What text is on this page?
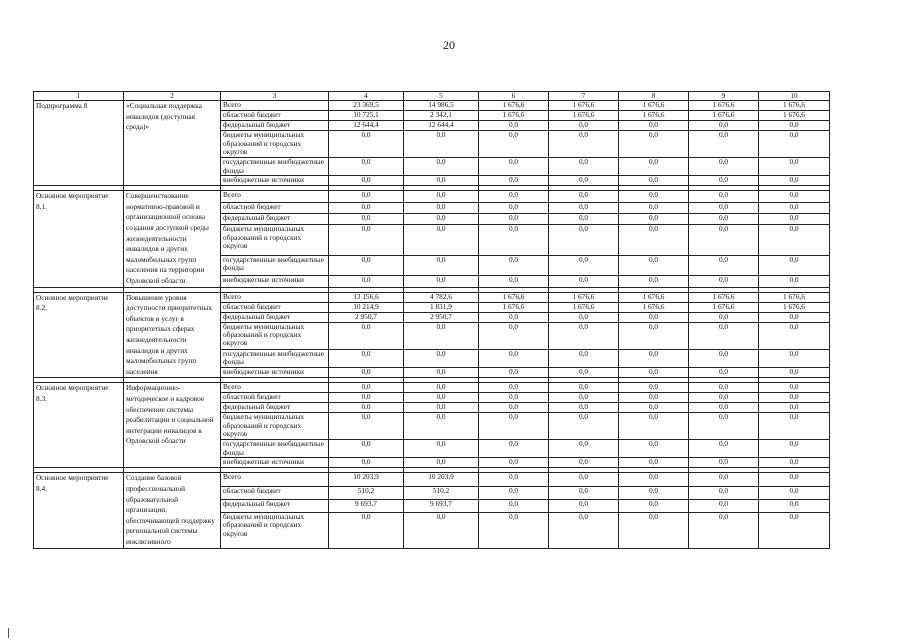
20
1	2	3	4	5	6	7	8	9	10
Подпрограмма 8	«Социальная поддержка инвалидов (доступная среда)»	Всего	23 369,5	14 986,5	1 676,6	1 676,6	1 676,6	1 676,6	1 676,6
		областной бюджет	10 725,1	2 342,1	1 676,6	1 676,6	1 676,6	1 676,6	1 676,6
		федеральный бюджет	12 644,4	12 644,4	0,0	0,0	0,0	0,0	0,0
		бюджеты муниципальных образований и городских округов	0,0	0,0	0,0	0,0	0,0	0,0	0,0
		государственные внебюджетные фонды	0,0	0,0	0,0	0,0	0,0	0,0	0,0
		внебюджетные источники	0,0	0,0	0,0	0,0	0,0	0,0	0,0

Основное мероприятие 8.1.	Совершенствование нормативно-правовой и организационной основы создания доступной среды жизнедеятельности инвалидов и других маломобильных групп населения на территории Орловской области	Всего	0,0	0,0	0,0	0,0	0,0	0,0	0,0
		областной бюджет	0,0	0,0	0,0	0,0	0,0	0,0	0,0
		федеральный бюджет	0,0	0,0	0,0	0,0	0,0	0,0	0,0
		бюджеты муниципальных образований и городских округов	0,0	0,0	0,0	0,0	0,0	0,0	0,0
		государственные внебюджетные фонды	0,0	0,0	0,0	0,0	0,0	0,0	0,0
		внебюджетные источники	0,0	0,0	0,0	0,0	0,0	0,0	0,0

Основное мероприятие 8.2.	Повышение уровня доступности приоритетных объектов и услуг в приоритетных сферах жизнедеятельности инвалидов и других маломобильных групп населения	Всего	13 156,6	4 782,6	1 676,6	1 676,6	1 676,6	1 676,6	1 676,6
		областной бюджет	10 214,9	1 831,9	1 676,6	1 676,6	1 676,6	1 676,6	1 676,6
		федеральный бюджет	2 950,7	2 950,7	0,0	0,0	0,0	0,0	0,0
		бюджеты муниципальных образований и городских округов	0,0	0,0	0,0	0,0	0,0	0,0	0,0
		государственные внебюджетные фонды	0,0	0,0	0,0	0,0	0,0	0,0	0,0
		внебюджетные источники	0,0	0,0	0,0	0,0	0,0	0,0	0,0

Основное мероприятие 8.3.	Информационно-методическое и кадровое обеспечение системы реабилитации и социальной интеграции инвалидов в Орловской области	Всего	0,0	0,0	0,0	0,0	0,0	0,0	0,0
		областной бюджет	0,0	0,0	0,0	0,0	0,0	0,0	0,0
		федеральный бюджет	0,0	0,0	0,0	0,0	0,0	0,0	0,0
		бюджеты муниципальных образований и городских округов	0,0	0,0	0,0	0,0	0,0	0,0	0,0
		государственные внебюджетные фонды	0,0	0,0	0,0	0,0	0,0	0,0	0,0
		внебюджетные источники	0,0	0,0	0,0	0,0	0,0	0,0	0,0

Основное мероприятие 8.4.	Создание базовой профессиональной образовательной организации, обеспечивающей поддержку региональной системы инклюзивного	Всего	10 203,9	10 203,9	0,0	0,0	0,0	0,0	0,0
		областной бюджет	510,2	510,2	0,0	0,0	0,0	0,0	0,0
		федеральный бюджет	9 693,7	9 693,7	0,0	0,0	0,0	0,0	0,0
		бюджеты муниципальных образований и городских округов	0,0	0,0	0,0	0,0	0,0	0,0	0,0
